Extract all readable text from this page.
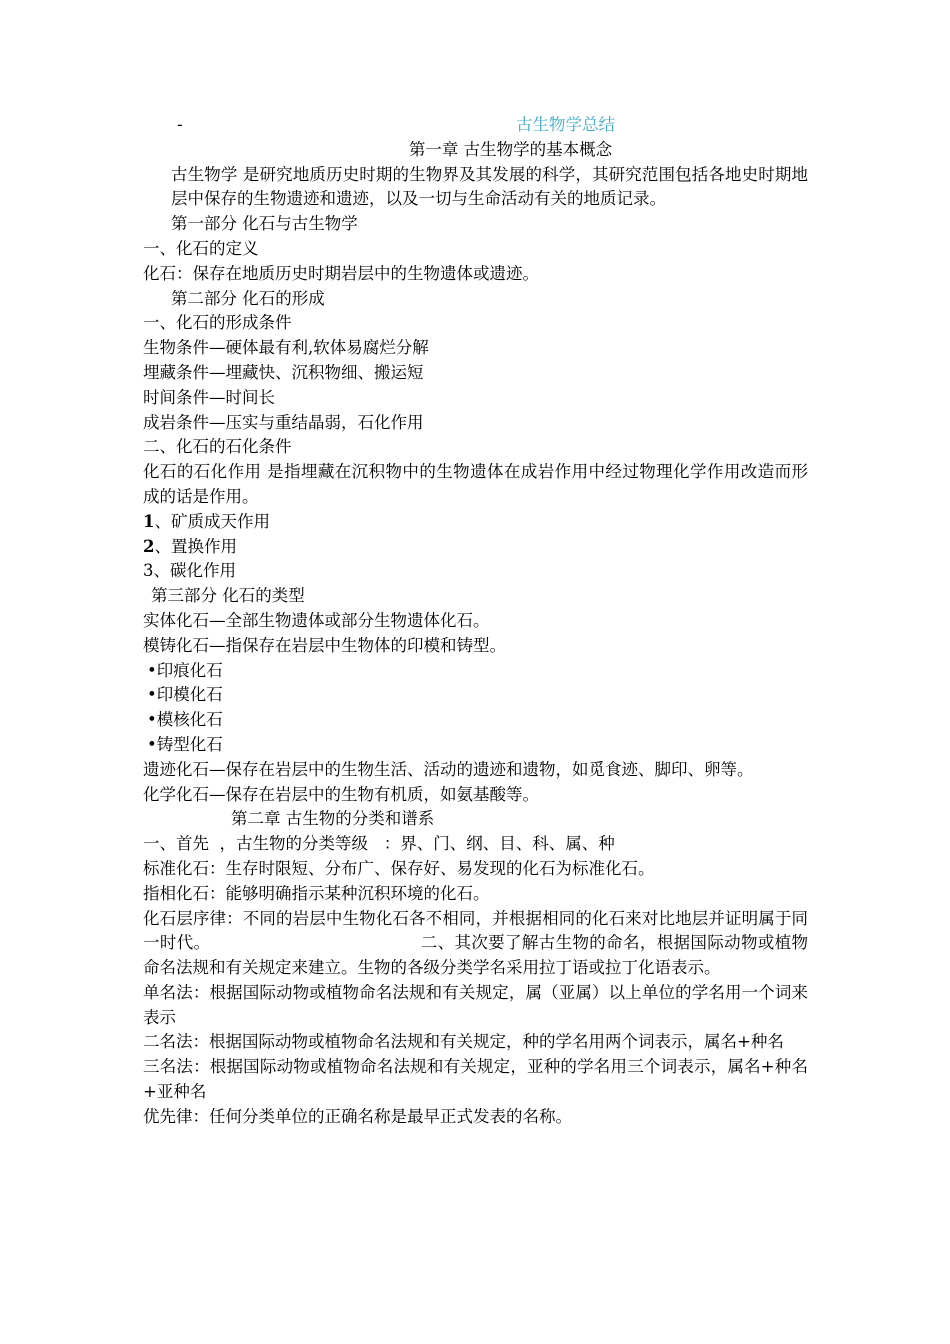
-	古生物学总结
第一章 古生物学的基本概念
古生物学 是研究地质历史时期的生物界及其发展的科学，其研究范围包括各地史时期地层中保存的生物遗迹和遗迹，以及一切与生命活动有关的地质记录。
第一部分 化石与古生物学
一、化石的定义
化石：保存在地质历史时期岩层中的生物遗体或遗迹。
第二部分 化石的形成
一、化石的形成条件
生物条件—硬体最有利,软体易腐烂分解
埋藏条件—埋藏快、沉积物细、搬运短
时间条件—时间长
成岩条件—压实与重结晶弱，石化作用
二、化石的石化条件
化石的石化作用 是指埋藏在沉积物中的生物遗体在成岩作用中经过物理化学作用改造而形成的话是作用。
1、矿质成天作用
2、置换作用
3、碳化作用
第三部分 化石的类型
实体化石—全部生物遗体或部分生物遗体化石。
模铸化石—指保存在岩层中生物体的印模和铸型。
•印痕化石
•印模化石
•模核化石
•铸型化石
遗迹化石—保存在岩层中的生物生活、活动的遗迹和遗物，如觅食迹、脚印、卵等。
化学化石—保存在岩层中的生物有机质，如氨基酸等。
第二章 古生物的分类和谱系
一、首先  ，古生物的分类等级   ：界、门、纲、目、科、属、种
标准化石：生存时限短、分布广、保存好、易发现的化石为标准化石。
指相化石：能够明确指示某种沉积环境的化石。
化石层序律：不同的岩层中生物化石各不相同，并根据相同的化石来对比地层并证明属于同一时代。	二、其次要了解古生物的命名，根据国际动物或植物命名法规和有关规定来建立。生物的各级分类学名采用拉丁语或拉丁化语表示。
单名法：根据国际动物或植物命名法规和有关规定，属（亚属）以上单位的学名用一个词来表示
二名法：根据国际动物或植物命名法规和有关规定，种的学名用两个词表示，属名+种名
三名法：根据国际动物或植物命名法规和有关规定，亚种的学名用三个词表示，属名+种名+亚种名
优先律：任何分类单位的正确名称是最早正式发表的名称。
